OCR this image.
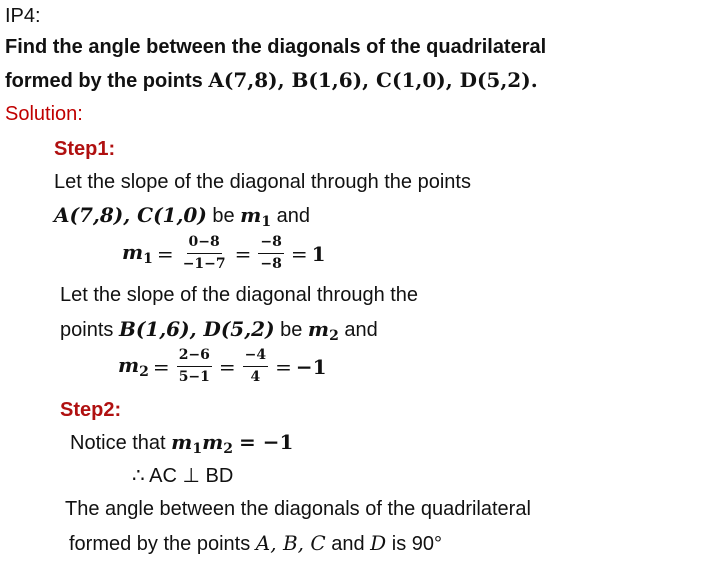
IP4:
Find the angle between the diagonals of the quadrilateral
formed by the points A(7,8), B(1,6), C(1,0), D(5,2).
Solution:
Step1:
Let the slope of the diagonal through the points
A(7,8), C(1,0) be $m_1$ and
$m_1 = \frac{0-8}{-1-7} = \frac{-8}{-8} = 1$
Let the slope of the diagonal through the
points B(1,6), D(5,2) be $m_2$ and
$m_2 = \frac{2-6}{5-1} = \frac{-4}{4} = -1$
Step2:
Notice that $m_1m_2 = -1$
∴ AC ⊥ BD
The angle between the diagonals of the quadrilateral
formed by the points A, B, C and D is 90°
